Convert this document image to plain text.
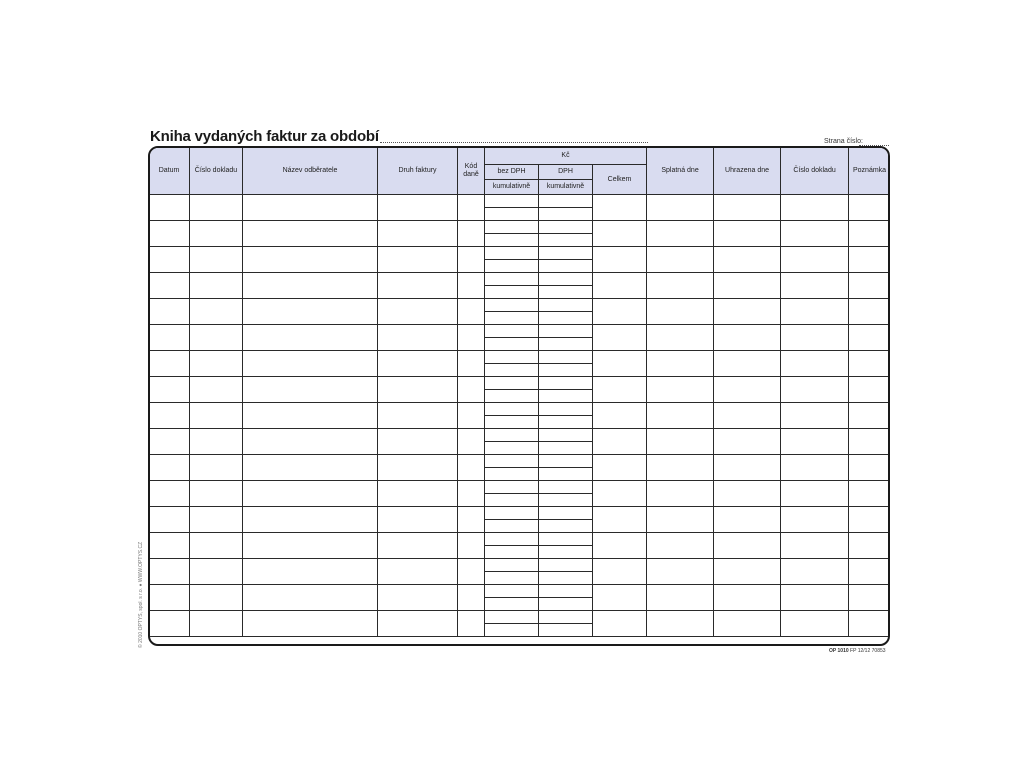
Kniha vydaných faktur za období	Strana číslo:
Datum	Číslo dokladu	Název odběratele	Druh faktury	Kód daně	Kč			Splatná dne	Uhrazena dne	Číslo dokladu	Poznámka
					bez DPH	DPH	Celkem				
					kumulativně	kumulativně					

© 2010 OPTYS, spol. s r.o. ● WWW.OPTYS.CZ
OP 1010 FP 12/12 70853
